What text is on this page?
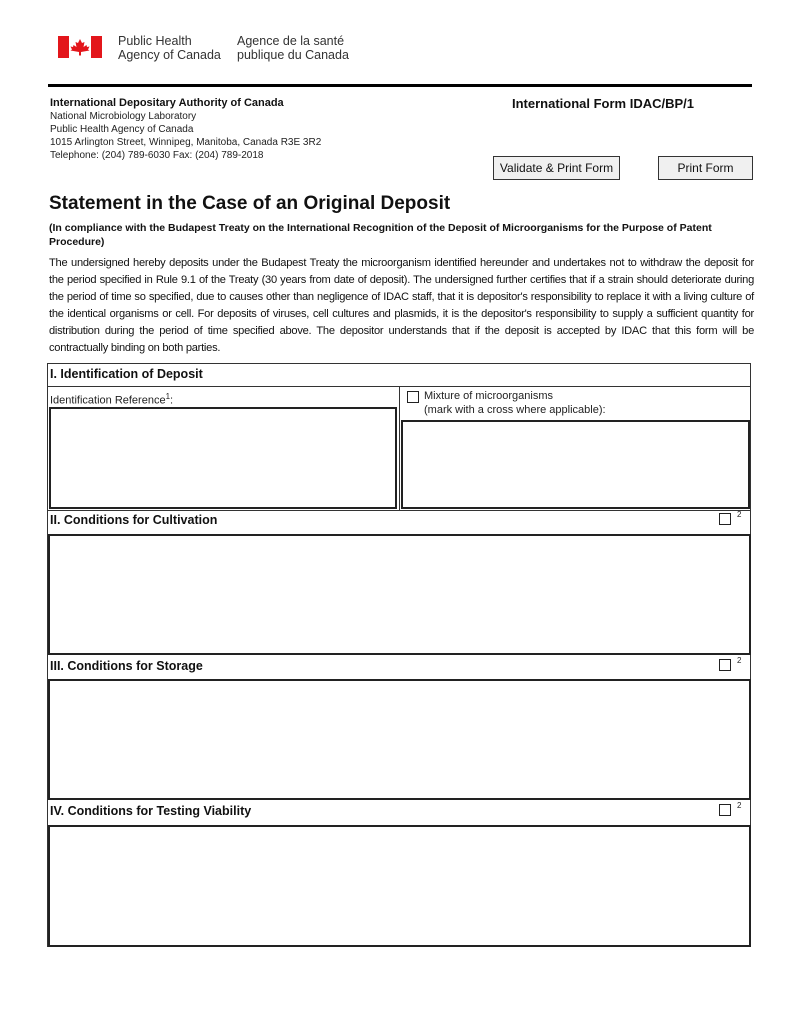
Public Health
Agency of Canada
Agence de la santé
publique du Canada
International Depositary Authority of Canada
National Microbiology Laboratory
Public Health Agency of Canada
1015 Arlington Street, Winnipeg, Manitoba, Canada R3E 3R2
Telephone: (204) 789-6030 Fax: (204) 789-2018
International Form IDAC/BP/1
Validate & Print Form	Print Form
Statement in the Case of an Original Deposit
(In compliance with the Budapest Treaty on the International Recognition of the Deposit of Microorganisms for the Purpose of Patent Procedure)
The undersigned hereby deposits under the Budapest Treaty the microorganism identified hereunder and undertakes not to withdraw the deposit for the period specified in Rule 9.1 of the Treaty (30 years from date of deposit). The undersigned further certifies that if a strain should deteriorate during the period of time so specified, due to causes other than negligence of IDAC staff, that it is depositor's responsibility to replace it with a living culture of the identical organisms or cell. For deposits of viruses, cell cultures and plasmids, it is the depositor's responsibility to supply a sufficient quantity for distribution during the period of time specified above. The depositor understands that if the deposit is accepted by IDAC that this form will be contractually binding on both parties.
I. Identification of Deposit
Identification Reference$^1$:	Mixture of microorganisms
(mark with a cross where applicable):
II. Conditions for Cultivation	2
III. Conditions for Storage	2
IV. Conditions for Testing Viability	2
